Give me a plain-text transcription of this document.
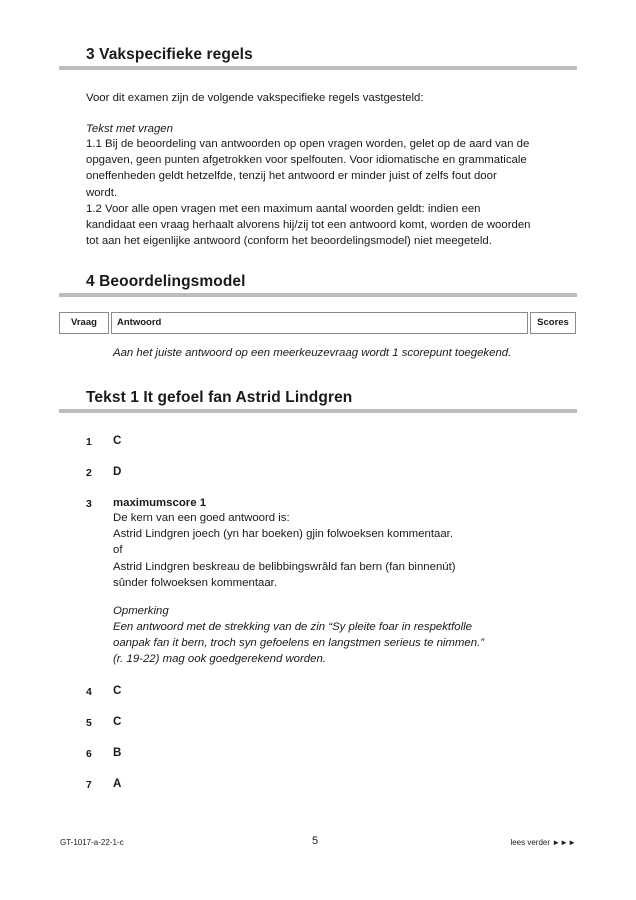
3 Vakspecifieke regels
Voor dit examen zijn de volgende vakspecifieke regels vastgesteld:
Tekst met vragen
1.1 Bij de beoordeling van antwoorden op open vragen worden, gelet op de aard van de
opgaven, geen punten afgetrokken voor spelfouten. Voor idiomatische en grammaticale
oneffenheden geldt hetzelfde, tenzij het antwoord er minder juist of zelfs fout door
wordt.
1.2 Voor alle open vragen met een maximum aantal woorden geldt: indien een
kandidaat een vraag herhaalt alvorens hij/zij tot een antwoord komt, worden de woorden
tot aan het eigenlijke antwoord (conform het beoordelingsmodel) niet meegeteld.
4 Beoordelingsmodel
Vraag	Antwoord	Scores
Aan het juiste antwoord op een meerkeuzevraag wordt 1 scorepunt toegekend.
Tekst 1 It gefoel fan Astrid Lindgren
1 C
2 D
3 maximumscore 1
De kern van een goed antwoord is:
Astrid Lindgren joech (yn har boeken) gjin folwoeksen kommentaar.
of
Astrid Lindgren beskreau de belibbingswrâld fan bern (fan binnenút)
sûnder folwoeksen kommentaar.
Opmerking
Een antwoord met de strekking van de zin “Sy pleite foar in respektfolle
oanpak fan it bern, troch syn gefoelens en langstmen serieus te nimmen.”
(r. 19-22) mag ook goedgerekend worden.
4 C
5 C
6 B
7 A
GT-1017-a-22-1-c	5	lees verder ►►►
